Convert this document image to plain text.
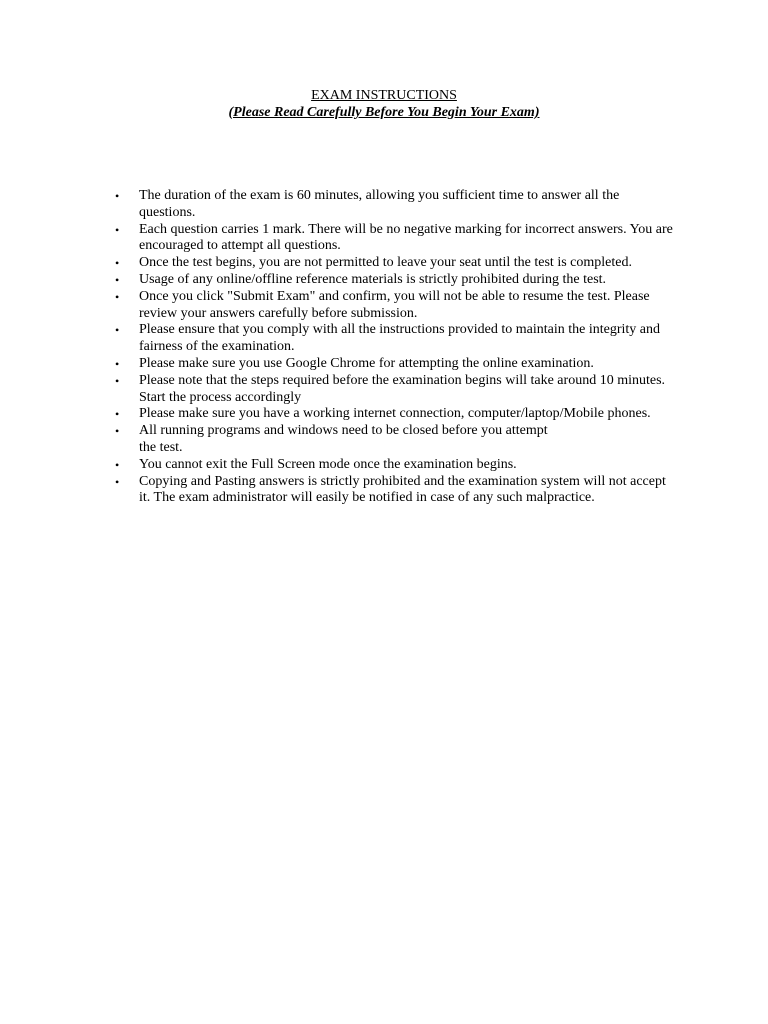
EXAM INSTRUCTIONS

(Please Read Carefully Before You Begin Your Exam)

• The duration of the exam is 60 minutes, allowing you sufficient time to answer all the questions.
• Each question carries 1 mark. There will be no negative marking for incorrect answers. You are encouraged to attempt all questions.
• Once the test begins, you are not permitted to leave your seat until the test is completed.
• Usage of any online/offline reference materials is strictly prohibited during the test.
• Once you click "Submit Exam" and confirm, you will not be able to resume the test. Please review your answers carefully before submission.
• Please ensure that you comply with all the instructions provided to maintain the integrity and fairness of the examination.
• Please make sure you use Google Chrome for attempting the online examination.
• Please note that the steps required before the examination begins will take around 10 minutes. Start the process accordingly
• Please make sure you have a working internet connection, computer/laptop/Mobile phones.
• All running programs and windows need to be closed before you attempt
the test.
• You cannot exit the Full Screen mode once the examination begins.
• Copying and Pasting answers is strictly prohibited and the examination system will not accept it. The exam administrator will easily be notified in case of any such malpractice.
